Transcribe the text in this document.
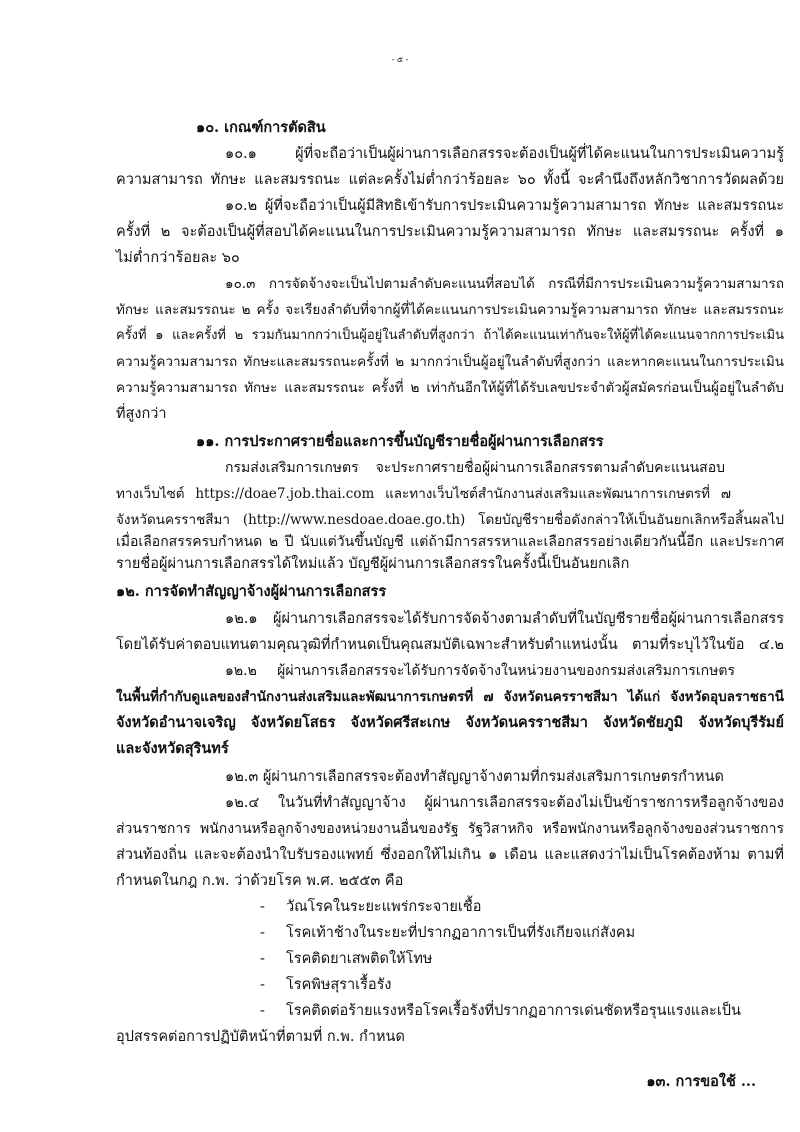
- ๕ -
๑๐. เกณฑ์การตัดสิน
๑๐.๑ ผู้ที่จะถือว่าเป็นผู้ผ่านการเลือกสรรจะต้องเป็นผู้ที่ได้คะแนนในการประเมินความรู้
ความสามารถ ทักษะ และสมรรถนะ แต่ละครั้งไม่ต่ำกว่าร้อยละ ๖๐ ทั้งนี้ จะคำนึงถึงหลักวิชาการวัดผลด้วย
๑๐.๒ ผู้ที่จะถือว่าเป็นผู้มีสิทธิเข้ารับการประเมินความรู้ความสามารถ ทักษะ และสมรรถนะ
ครั้งที่ ๒ จะต้องเป็นผู้ที่สอบได้คะแนนในการประเมินความรู้ความสามารถ ทักษะ และสมรรถนะ ครั้งที่ ๑
ไม่ต่ำกว่าร้อยละ ๖๐
๑๐.๓ การจัดจ้างจะเป็นไปตามลำดับคะแนนที่สอบได้ กรณีที่มีการประเมินความรู้ความสามารถ
ทักษะ และสมรรถนะ ๒ ครั้ง จะเรียงลำดับที่จากผู้ที่ได้คะแนนการประเมินความรู้ความสามารถ ทักษะ และสมรรถนะ
ครั้งที่ ๑ และครั้งที่ ๒ รวมกันมากกว่าเป็นผู้อยู่ในลำดับที่สูงกว่า ถ้าได้คะแนนเท่ากันจะให้ผู้ที่ได้คะแนนจากการประเมิน
ความรู้ความสามารถ ทักษะและสมรรถนะครั้งที่ ๒ มากกว่าเป็นผู้อยู่ในลำดับที่สูงกว่า และหากคะแนนในการประเมิน
ความรู้ความสามารถ ทักษะ และสมรรถนะ ครั้งที่ ๒ เท่ากันอีกให้ผู้ที่ได้รับเลขประจำตัวผู้สมัครก่อนเป็นผู้อยู่ในลำดับ
ที่สูงกว่า
๑๑. การประกาศรายชื่อและการขึ้นบัญชีรายชื่อผู้ผ่านการเลือกสรร
กรมส่งเสริมการเกษตร จะประกาศรายชื่อผู้ผ่านการเลือกสรรตามลำดับคะแนนสอบ
ทางเว็บไซต์ https://doae7.job.thai.com และทางเว็บไซต์สำนักงานส่งเสริมและพัฒนาการเกษตรที่ ๗
จังหวัดนครราชสีมา (http://www.nesdoae.doae.go.th) โดยบัญชีรายชื่อดังกล่าวให้เป็นอันยกเลิกหรือสิ้นผลไป
เมื่อเลือกสรรครบกำหนด ๒ ปี นับแต่วันขึ้นบัญชี แต่ถ้ามีการสรรหาและเลือกสรรอย่างเดียวกันนี้อีก และประกาศ
รายชื่อผู้ผ่านการเลือกสรรได้ใหม่แล้ว บัญชีผู้ผ่านการเลือกสรรในครั้งนี้เป็นอันยกเลิก
๑๒. การจัดทำสัญญาจ้างผู้ผ่านการเลือกสรร
๑๒.๑ ผู้ผ่านการเลือกสรรจะได้รับการจัดจ้างตามลำดับที่ในบัญชีรายชื่อผู้ผ่านการเลือกสรร
โดยได้รับค่าตอบแทนตามคุณวุฒิที่กำหนดเป็นคุณสมบัติเฉพาะสำหรับตำแหน่งนั้น ตามที่ระบุไว้ในข้อ ๔.๒
๑๒.๒ ผู้ผ่านการเลือกสรรจะได้รับการจัดจ้างในหน่วยงานของกรมส่งเสริมการเกษตร
ในพื้นที่กำกับดูแลของสำนักงานส่งเสริมและพัฒนาการเกษตรที่ ๗ จังหวัดนครราชสีมา ได้แก่ จังหวัดอุบลราชธานี
จังหวัดอำนาจเจริญ จังหวัดยโสธร จังหวัดศรีสะเกษ จังหวัดนครราชสีมา จังหวัดชัยภูมิ จังหวัดบุรีรัมย์
และจังหวัดสุรินทร์
๑๒.๓ ผู้ผ่านการเลือกสรรจะต้องทำสัญญาจ้างตามที่กรมส่งเสริมการเกษตรกำหนด
๑๒.๔ ในวันที่ทำสัญญาจ้าง ผู้ผ่านการเลือกสรรจะต้องไม่เป็นข้าราชการหรือลูกจ้างของ
ส่วนราชการ พนักงานหรือลูกจ้างของหน่วยงานอื่นของรัฐ รัฐวิสาหกิจ หรือพนักงานหรือลูกจ้างของส่วนราชการ
ส่วนท้องถิ่น และจะต้องนำใบรับรองแพทย์ ซึ่งออกให้ไม่เกิน ๑ เดือน และแสดงว่าไม่เป็นโรคต้องห้าม ตามที่
กำหนดในกฎ ก.พ. ว่าด้วยโรค พ.ศ. ๒๕๕๓ คือ
- วัณโรคในระยะแพร่กระจายเชื้อ
- โรคเท้าช้างในระยะที่ปรากฏอาการเป็นที่รังเกียจแก่สังคม
- โรคติดยาเสพติดให้โทษ
- โรคพิษสุราเรื้อรัง
- โรคติดต่อร้ายแรงหรือโรคเรื้อรังที่ปรากฏอาการเด่นชัดหรือรุนแรงและเป็น
อุปสรรคต่อการปฏิบัติหน้าที่ตามที่ ก.พ. กำหนด
๑๓. การขอใช้ ...
